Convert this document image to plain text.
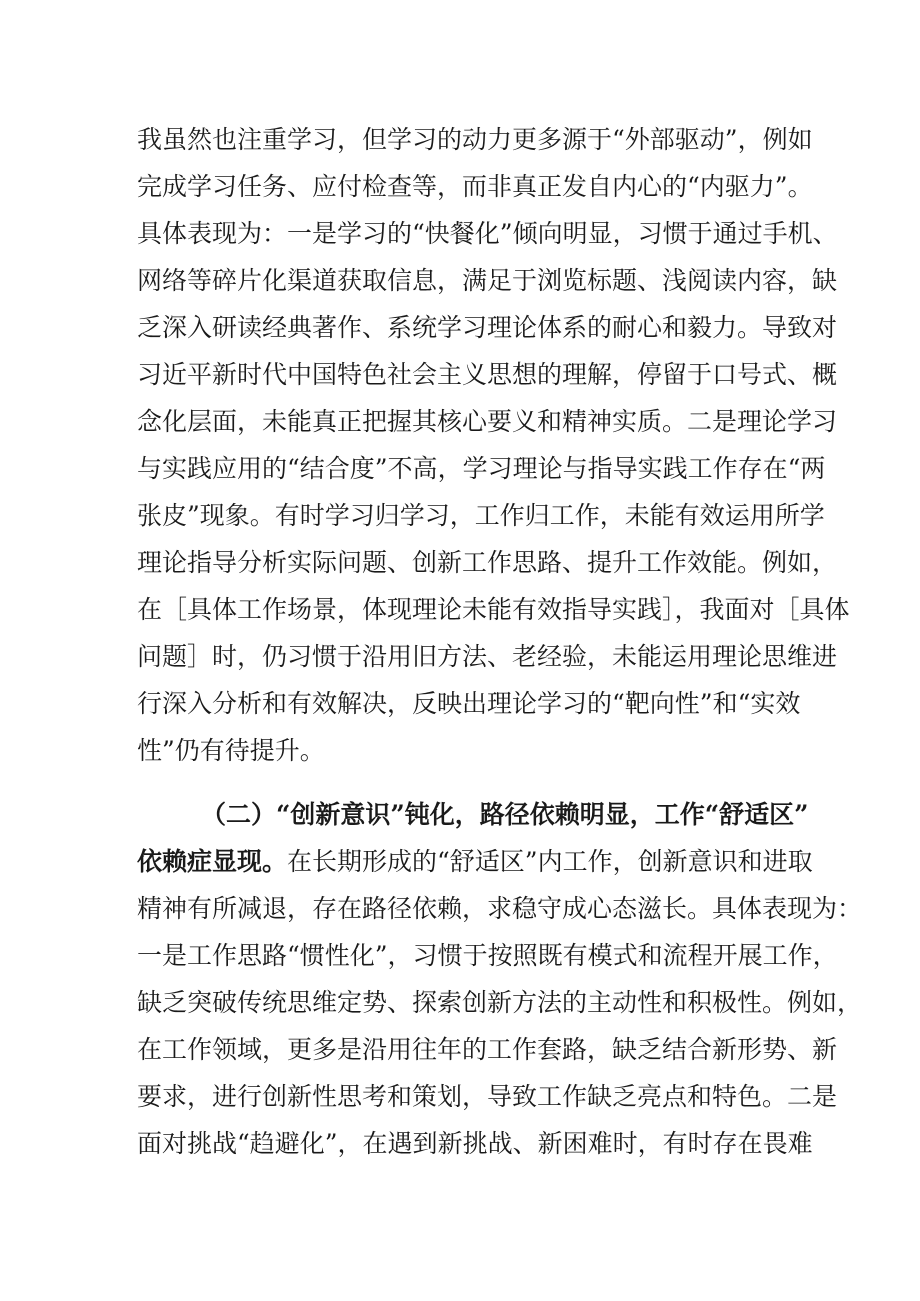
我虽然也注重学习，但学习的动力更多源于“外部驱动”，例如
完成学习任务、应付检查等，而非真正发自内心的“内驱力”。
具体表现为：一是学习的“快餐化”倾向明显，习惯于通过手机、
网络等碎片化渠道获取信息，满足于浏览标题、浅阅读内容，缺
乏深入研读经典著作、系统学习理论体系的耐心和毅力。导致对
习近平新时代中国特色社会主义思想的理解，停留于口号式、概
念化层面，未能真正把握其核心要义和精神实质。二是理论学习
与实践应用的“结合度”不高，学习理论与指导实践工作存在“两
张皮”现象。有时学习归学习，工作归工作，未能有效运用所学
理论指导分析实际问题、创新工作思路、提升工作效能。例如，
在［具体工作场景，体现理论未能有效指导实践］，我面对［具体
问题］时，仍习惯于沿用旧方法、老经验，未能运用理论思维进
行深入分析和有效解决，反映出理论学习的“靶向性”和“实效
性”仍有待提升。
（二）“创新意识”钝化，路径依赖明显，工作“舒适区”
依赖症显现。在长期形成的“舒适区”内工作，创新意识和进取
精神有所减退，存在路径依赖，求稳守成心态滋长。具体表现为：
一是工作思路“惯性化”，习惯于按照既有模式和流程开展工作，
缺乏突破传统思维定势、探索创新方法的主动性和积极性。例如，
在工作领域，更多是沿用往年的工作套路，缺乏结合新形势、新
要求，进行创新性思考和策划，导致工作缺乏亮点和特色。二是
面对挑战“趋避化”，在遇到新挑战、新困难时，有时存在畏难
